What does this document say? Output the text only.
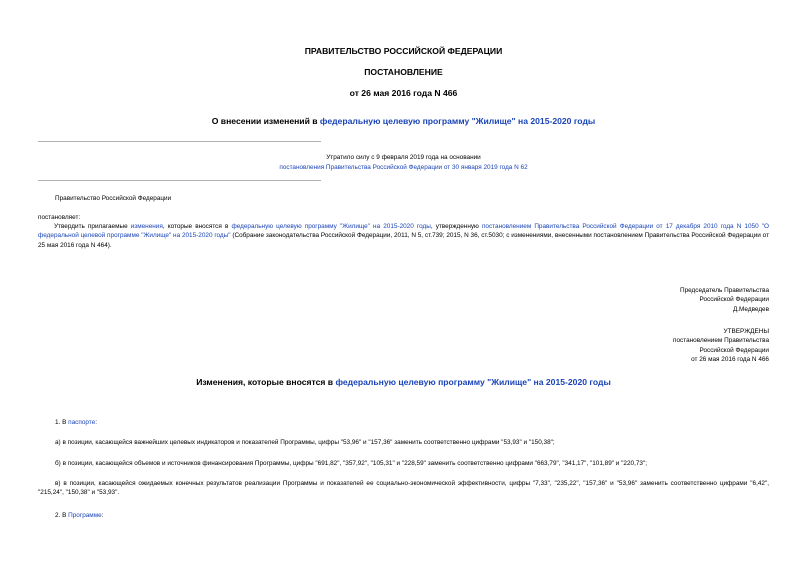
ПРАВИТЕЛЬСТВО РОССИЙСКОЙ ФЕДЕРАЦИИ
ПОСТАНОВЛЕНИЕ
от 26 мая 2016 года N 466
О внесении изменений в федеральную целевую программу "Жилище" на 2015-2020 годы
Утратило силу с 9 февраля 2019 года на основании
постановления Правительства Российской Федерации от 30 января 2019 года N 62
Правительство Российской Федерации
постановляет:
Утвердить прилагаемые изменения, которые вносятся в федеральную целевую программу "Жилище" на 2015-2020 годы, утвержденную постановлением Правительства Российской Федерации от 17 декабря 2010 года N 1050 "О федеральной целевой программе "Жилище" на 2015-2020 годы" (Собрание законодательства Российской Федерации, 2011, N 5, ст.739; 2015, N 36, ст.5030; с изменениями, внесенными постановлением Правительства Российской Федерации от 25 мая 2016 года N 464).
Председатель Правительства
Российской Федерации
Д.Медведев
УТВЕРЖДЕНЫ
постановлением Правительства
Российской Федерации
от 26 мая 2016 года N 466
Изменения, которые вносятся в федеральную целевую программу "Жилище" на 2015-2020 годы
1. В паспорте:
а) в позиции, касающейся важнейших целевых индикаторов и показателей Программы, цифры "53,96" и "157,36" заменить соответственно цифрами "53,93" и "150,38";
б) в позиции, касающейся объемов и источников финансирования Программы, цифры "691,82", "357,92", "105,31" и "228,59" заменить соответственно цифрами "663,79", "341,17", "101,89" и "220,73";
в) в позиции, касающейся ожидаемых конечных результатов реализации Программы и показателей ее социально-экономической эффективности, цифры "7,33", "235,22", "157,36" и "53,96" заменить соответственно цифрами "6,42", "215,24", "150,38" и "53,93".
2. В Программе:
